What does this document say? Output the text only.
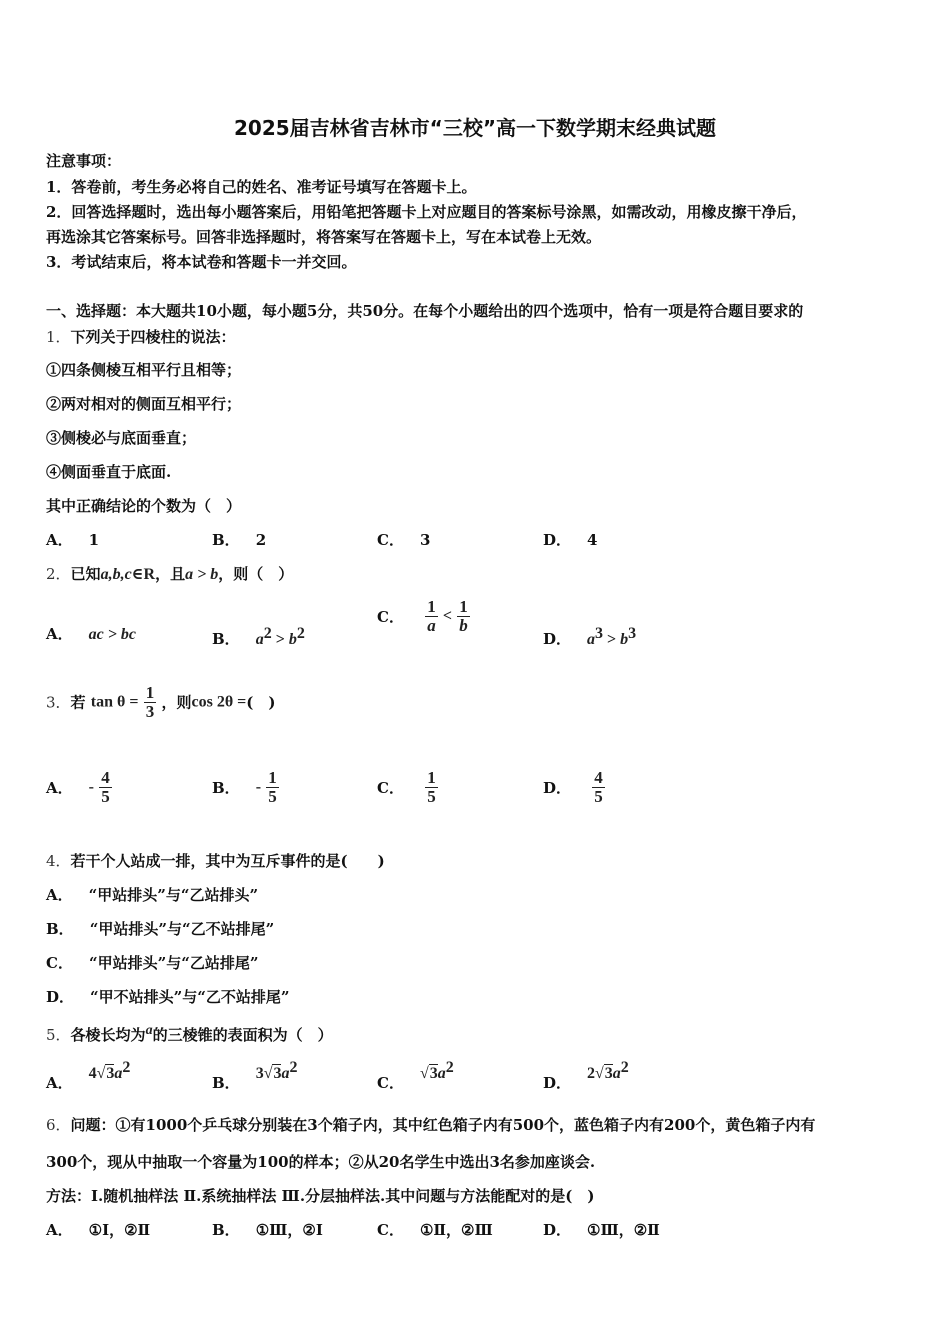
2025届吉林省吉林市“三校”高一下数学期末经典试题
注意事项：
1．答卷前，考生务必将自己的姓名、准考证号填写在答题卡上。
2．回答选择题时，选出每小题答案后，用铅笔把答题卡上对应题目的答案标号涂黑，如需改动，用橡皮擦干净后，
再选涂其它答案标号。回答非选择题时，将答案写在答题卡上，写在本试卷上无效。
3．考试结束后，将本试卷和答题卡一并交回。
一、选择题：本大题共10小题，每小题5分，共50分。在每个小题给出的四个选项中，恰有一项是符合题目要求的
1．下列关于四棱柱的说法：
①四条侧棱互相平行且相等；
②两对相对的侧面互相平行；
③侧棱必与底面垂直；
④侧面垂直于底面.
其中正确结论的个数为（　）
A． 1	B． 2	C． 3	D． 4
2．已知a,b,c∈R，且a > b，则（　）
A． ac > bc	B． $a^2 > b^2$
C． $\frac{1}{a} < \frac{1}{b}$
D． $a^3 > b^3$
3．若 $\tan \theta = \frac{1}{3}$ ，则cos 2θ =(　)
A． - $\frac{4}{5}$	B． - $\frac{1}{5}$	C． $\frac{1}{5}$	D． $\frac{4}{5}$
4．若干个人站成一排，其中为互斥事件的是(　　)
A． “甲站排头”与“乙站排头”
B． “甲站排头”与“乙不站排尾”
C． “甲站排头”与“乙站排尾”
D． “甲不站排头”与“乙不站排尾”
5．各棱长均为$^a$的三棱锥的表面积为（　）
A．$4√3a^2$
B．$3√3a^2$
C．$√3a^2$
D．$2√3a^2$
6．问题：①有1000个乒乓球分别装在3个箱子内，其中红色箱子内有500个，蓝色箱子内有200个，黄色箱子内有
300个，现从中抽取一个容量为100的样本；②从20名学生中选出3名参加座谈会.
方法：Ⅰ.随机抽样法 Ⅱ.系统抽样法 Ⅲ.分层抽样法.其中问题与方法能配对的是(　)
A． ①Ⅰ，②Ⅱ	B． ①Ⅲ，②Ⅰ	C． ①Ⅱ，②Ⅲ	D． ①Ⅲ，②Ⅱ
